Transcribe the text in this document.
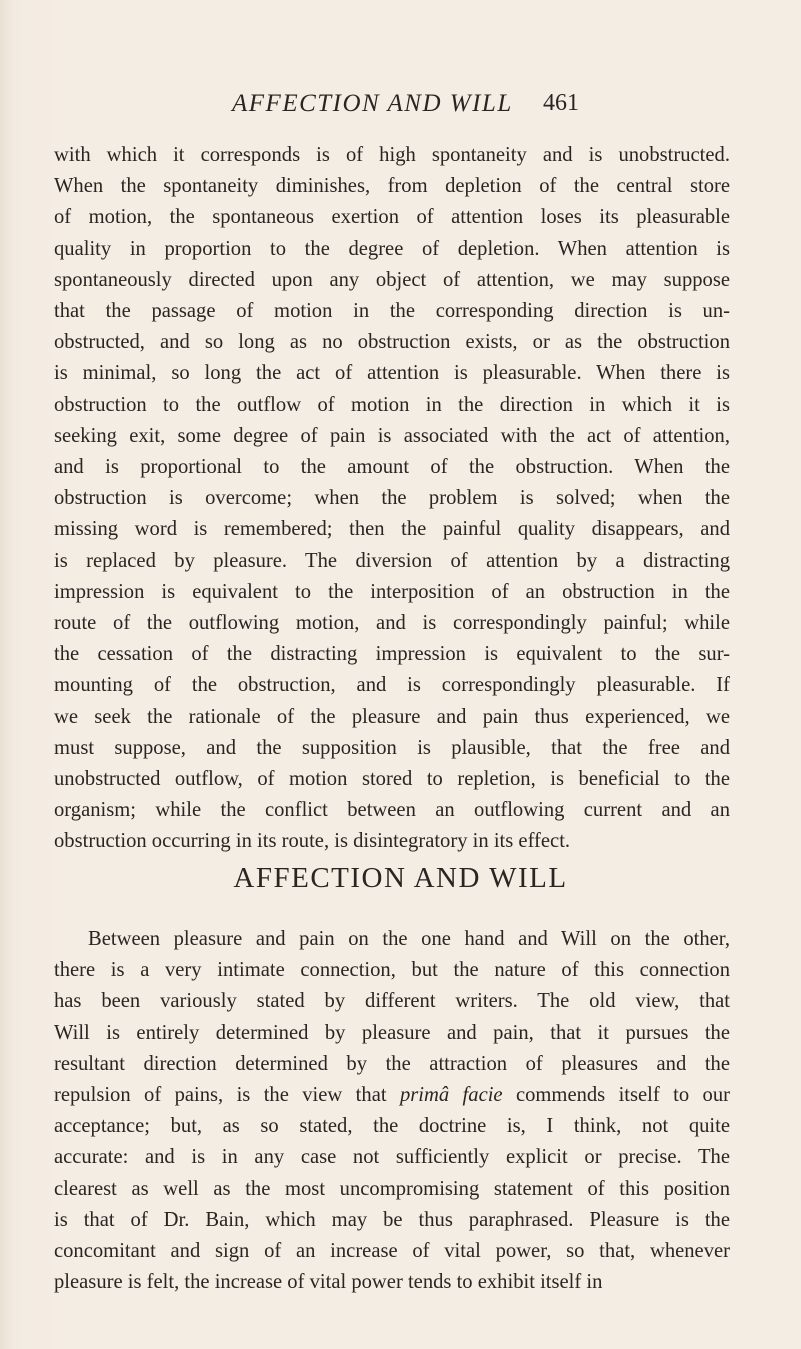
AFFECTION AND WILL 461

with which it corresponds is of high spontaneity and is unobstructed.
When the spontaneity diminishes, from depletion of the central store
of motion, the spontaneous exertion of attention loses its pleasurable
quality in proportion to the degree of depletion. When attention is
spontaneously directed upon any object of attention, we may suppose
that the passage of motion in the corresponding direction is un-
obstructed, and so long as no obstruction exists, or as the obstruction
is minimal, so long the act of attention is pleasurable. When there is
obstruction to the outflow of motion in the direction in which it is
seeking exit, some degree of pain is associated with the act of attention,
and is proportional to the amount of the obstruction. When the
obstruction is overcome; when the problem is solved; when the
missing word is remembered; then the painful quality disappears, and
is replaced by pleasure. The diversion of attention by a distracting
impression is equivalent to the interposition of an obstruction in the
route of the outflowing motion, and is correspondingly painful; while
the cessation of the distracting impression is equivalent to the sur-
mounting of the obstruction, and is correspondingly pleasurable. If
we seek the rationale of the pleasure and pain thus experienced, we
must suppose, and the supposition is plausible, that the free and
unobstructed outflow, of motion stored to repletion, is beneficial to the
organism; while the conflict between an outflowing current and an
obstruction occurring in its route, is disintegratory in its effect.

AFFECTION AND WILL

Between pleasure and pain on the one hand and Will on the other,
there is a very intimate connection, but the nature of this connection
has been variously stated by different writers. The old view, that
Will is entirely determined by pleasure and pain, that it pursues the
resultant direction determined by the attraction of pleasures and the
repulsion of pains, is the view that primâ facie commends itself to our
acceptance; but, as so stated, the doctrine is, I think, not quite
accurate: and is in any case not sufficiently explicit or precise. The
clearest as well as the most uncompromising statement of this position
is that of Dr. Bain, which may be thus paraphrased. Pleasure is the
concomitant and sign of an increase of vital power, so that, whenever
pleasure is felt, the increase of vital power tends to exhibit itself in
